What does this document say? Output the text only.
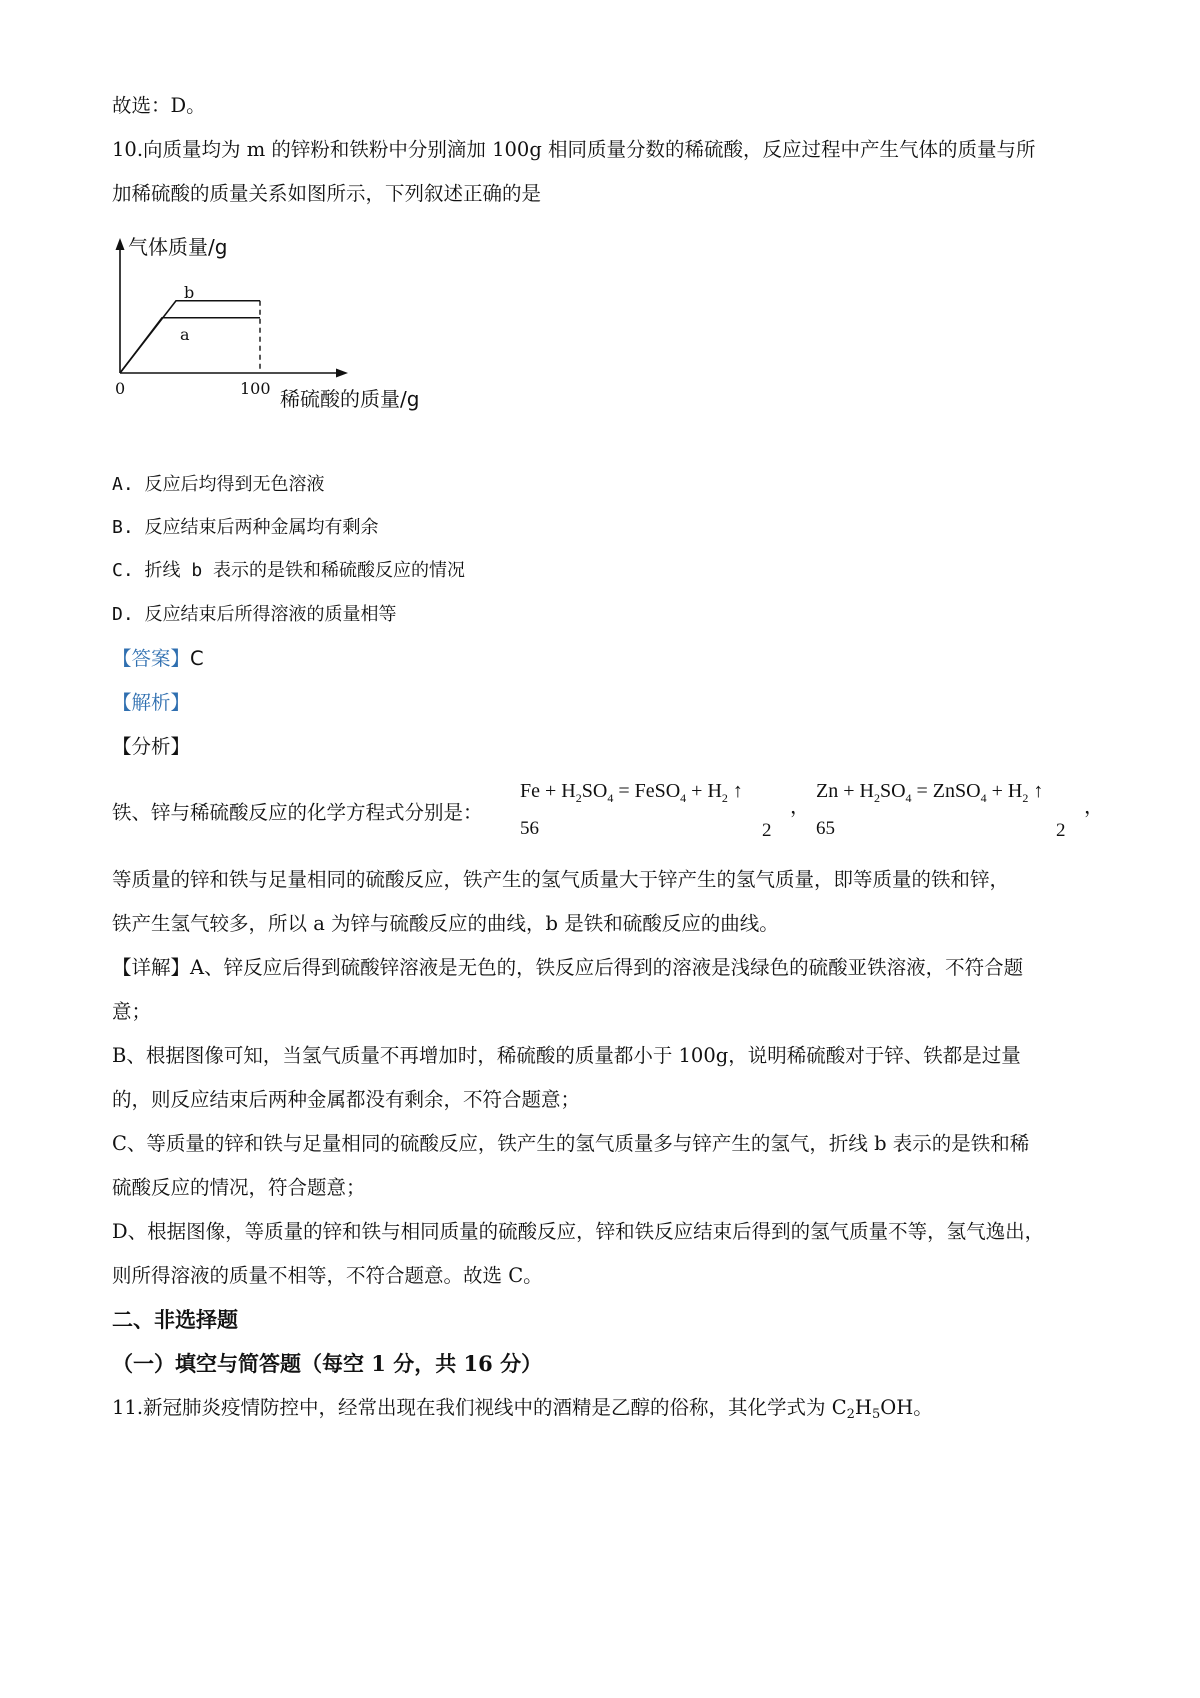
故选：D。
10.向质量均为 m 的锌粉和铁粉中分别滴加 100g 相同质量分数的稀硫酸，反应过程中产生气体的质量与所
加稀硫酸的质量关系如图所示，下列叙述正确的是
气体质量/g
稀硫酸的质量/g
0	100
b
a
A. 反应后均得到无色溶液
B. 反应结束后两种金属均有剩余
C. 折线 b 表示的是铁和稀硫酸反应的情况
D. 反应结束后所得溶液的质量相等
【答案】C
【解析】
【分析】
铁、锌与稀硫酸反应的化学方程式分别是：
$Fe + H_2SO_4$ = FeSO$_4$ + $H_2$ ↑
56	2
，
$Zn + H_2SO_4$ = ZnSO$_4$ + $H_2$ ↑
65	2
，
等质量的锌和铁与足量相同的硫酸反应，铁产生的氢气质量大于锌产生的氢气质量，即等质量的铁和锌，
铁产生氢气较多，所以 a 为锌与硫酸反应的曲线，b 是铁和硫酸反应的曲线。
【详解】A、锌反应后得到硫酸锌溶液是无色的，铁反应后得到的溶液是浅绿色的硫酸亚铁溶液，不符合题
意；
B、根据图像可知，当氢气质量不再增加时，稀硫酸的质量都小于 100g，说明稀硫酸对于锌、铁都是过量
的，则反应结束后两种金属都没有剩余，不符合题意；
C、等质量的锌和铁与足量相同的硫酸反应，铁产生的氢气质量多与锌产生的氢气，折线 b 表示的是铁和稀
硫酸反应的情况，符合题意；
D、根据图像，等质量的锌和铁与相同质量的硫酸反应，锌和铁反应结束后得到的氢气质量不等，氢气逸出，
则所得溶液的质量不相等，不符合题意。故选 C。
二、非选择题
（一）填空与简答题（每空 1 分，共 16 分）
11.新冠肺炎疫情防控中，经常出现在我们视线中的酒精是乙醇的俗称，其化学式为 $C_2H_5OH$。
